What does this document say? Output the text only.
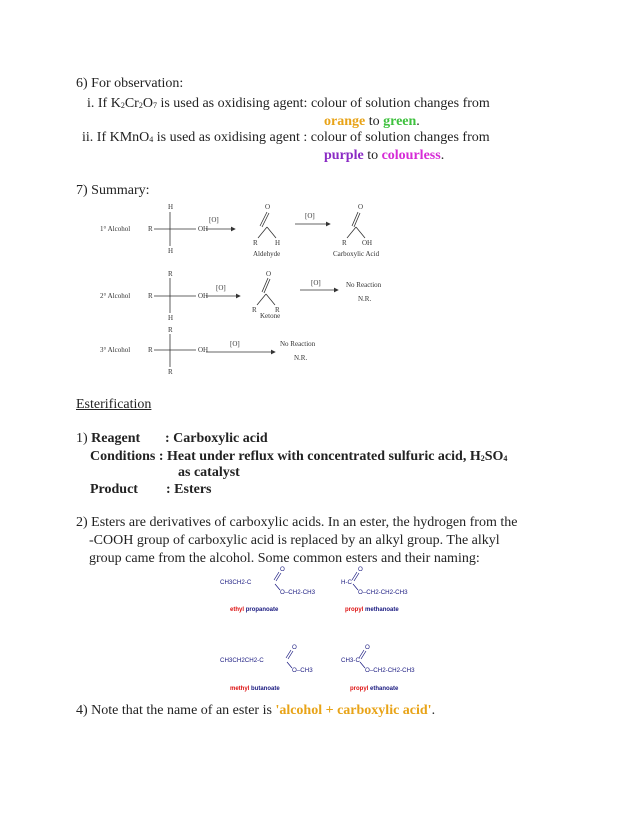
6) For observation:
i. If $K_2Cr_2O_7$ is used as oxidising agent: colour of solution changes from
orange to green.
ii. If KMnO$_4$ is used as oxidising agent : colour of solution changes from
purple to colourless.
7) Summary:
1° Alcohol	R
H
H
OH
[O]
O
R H
Aldehyde
[O]
O
R OH
Carboxylic Acid
2° Alcohol	R
R
H
OH
[O]
O
R	R
Ketone
[O]	No Reaction
N.R.
3° Alcohol	R
R
R
OH
[O]	No Reaction
N.R.
Esterification
1) Reagent : Carboxylic acid
Conditions : Heat under reflux with concentrated sulfuric acid, $H_2SO_4$
as catalyst
Product : Esters
2) Esters are derivatives of carboxylic acids. In an ester, the hydrogen from the
-COOH group of carboxylic acid is replaced by an alkyl group. The alkyl
group came from the alcohol. Some common esters and their naming:
O
CH3CH2-C
O–CH2-CH3
O
H-C
O–CH2-CH2-CH3
O
CH3CH2CH2-C
O–CH3
O
CH3-C
O–CH2-CH2-CH3
ethyl propanoate	propyl methanoate
methyl butanoate	propyl ethanoate
4) Note that the name of an ester is 'alcohol + carboxylic acid'.
